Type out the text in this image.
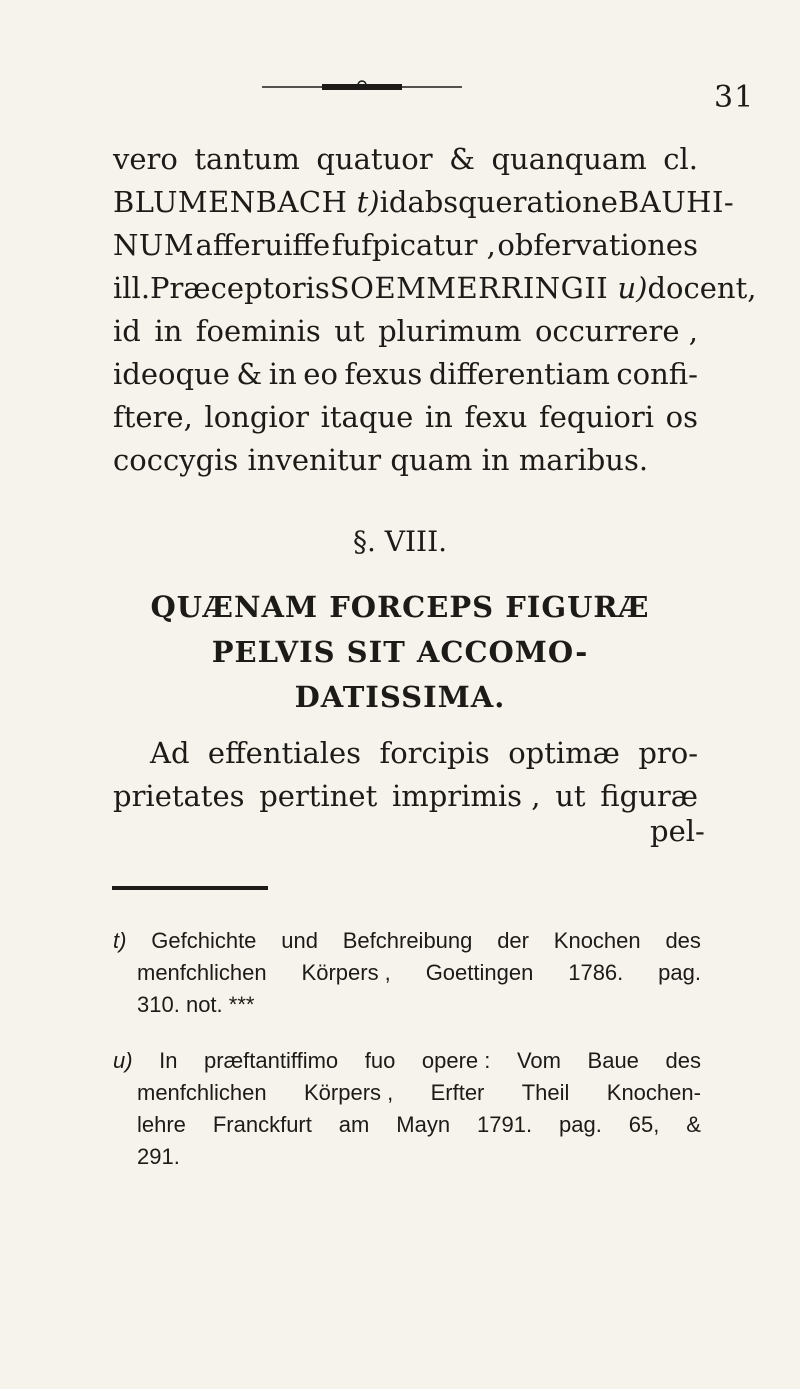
31
vero tantum quatuor & quanquam cl.
BLUMENBACH t) id absque ratione BAUHI-
NUM afferuiffe fufpicatur , obfervationes
ill. Præceptoris SOEMMERRINGII u) docent,
id in foeminis ut plurimum occurrere ,
ideoque & in eo fexus differentiam confi-
ftere, longior itaque in fexu fequiori os
coccygis
invenitur
quam
in
maribus.
§. VIII.
QUÆNAM FORCEPS FIGURÆ
PELVIS SIT ACCOMO-
DATISSIMA.
Ad effentiales forcipis optimæ pro-
prietates pertinet imprimis , ut figuræ
pel-
t) Gefchichte und Befchreibung der Knochen des
menfchlichen Körpers , Goettingen 1786. pag.
310.
not.
***
u) In præftantiffimo fuo opere : Vom Baue des
menfchlichen Körpers , Erfter Theil Knochen-
lehre Franckfurt am Mayn 1791. pag. 65, &
291.
